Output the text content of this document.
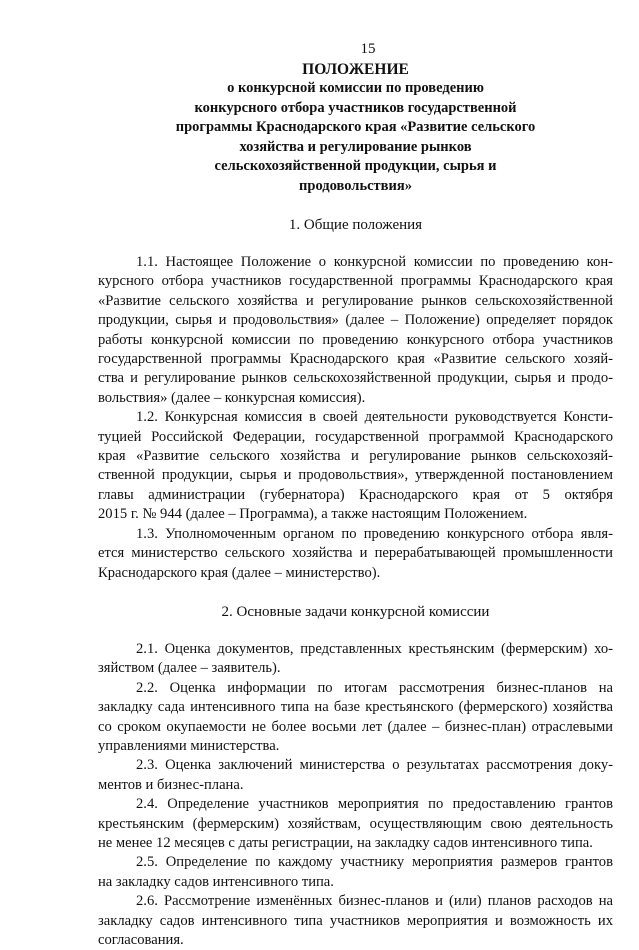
15
ПОЛОЖЕНИЕ
о конкурсной комиссии по проведению
конкурсного отбора участников государственной
программы Краснодарского края «Развитие сельского
хозяйства и регулирование рынков
сельскохозяйственной продукции, сырья и
продовольствия»
1. Общие положения
1.1. Настоящее Положение о конкурсной комиссии по проведению кон-
курсного отбора участников государственной программы Краснодарского края
«Развитие сельского хозяйства и регулирование рынков сельскохозяйственной
продукции, сырья и продовольствия» (далее – Положение) определяет порядок
работы конкурсной комиссии по проведению конкурсного отбора участников
государственной программы Краснодарского края «Развитие сельского хозяй-
ства и регулирование рынков сельскохозяйственной продукции, сырья и продо-
вольствия» (далее – конкурсная комиссия).
1.2. Конкурсная комиссия в своей деятельности руководствуется Консти-
туцией Российской Федерации, государственной программой Краснодарского
края «Развитие сельского хозяйства и регулирование рынков сельскохозяй-
ственной продукции, сырья и продовольствия», утвержденной постановлением
главы администрации (губернатора) Краснодарского края от 5 октября
2015 г. № 944 (далее – Программа), а также настоящим Положением.
1.3. Уполномоченным органом по проведению конкурсного отбора явля-
ется министерство сельского хозяйства и перерабатывающей промышленности
Краснодарского края (далее – министерство).
2. Основные задачи конкурсной комиссии
2.1. Оценка документов, представленных крестьянским (фермерским) хо-
зяйством (далее – заявитель).
2.2. Оценка информации по итогам рассмотрения бизнес-планов на
закладку сада интенсивного типа на базе крестьянского (фермерского) хозяйства
со сроком окупаемости не более восьми лет (далее – бизнес-план) отраслевыми
управлениями министерства.
2.3. Оценка заключений министерства о результатах рассмотрения доку-
ментов и бизнес-плана.
2.4. Определение участников мероприятия по предоставлению грантов
крестьянским (фермерским) хозяйствам, осуществляющим свою деятельность
не менее 12 месяцев с даты регистрации, на закладку садов интенсивного типа.
2.5. Определение по каждому участнику мероприятия размеров грантов
на закладку садов интенсивного типа.
2.6. Рассмотрение изменённых бизнес-планов и (или) планов расходов на
закладку садов интенсивного типа участников мероприятия и возможность их
согласования.
